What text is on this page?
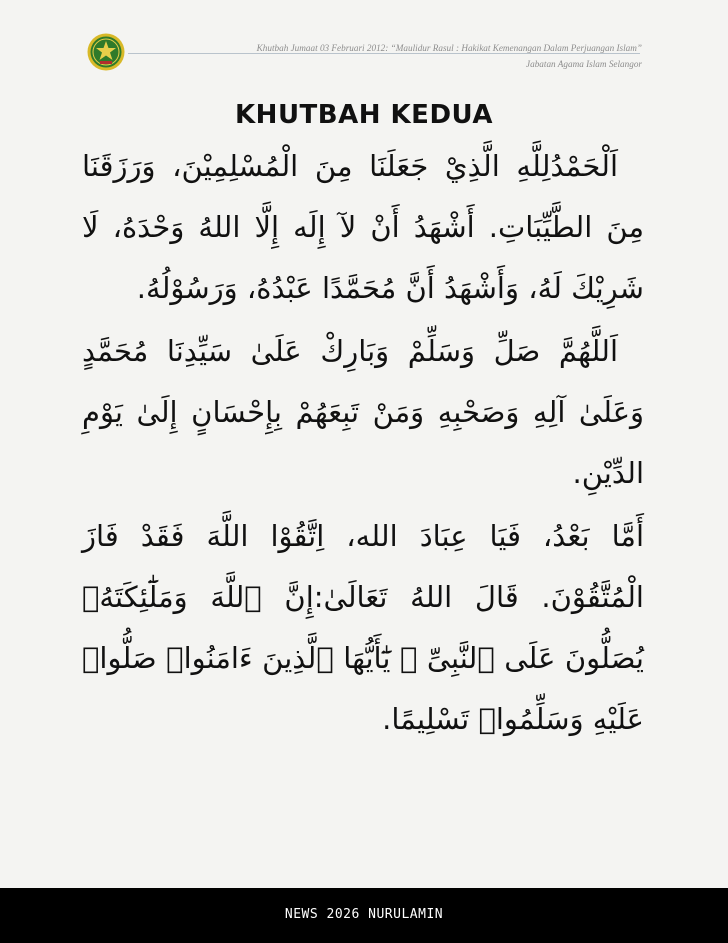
Khutbah Jumaat 03 Februari 2012: “Maulidur Rasul : Hakikat Kemenangan Dalam Perjuangan Islam”
Jabatan Agama Islam Selangor
KHUTBAH KEDUA

اَلْحَمْدُلِلَّهِ الَّذِيْ جَعَلَنَا مِنَ الْمُسْلِمِيْنَ، وَرَزَقَنَا مِنَ الطَّيِّبَاتِ. أَشْهَدُ أَنْ لآ إِلَه إِلَّا اللهُ وَحْدَهُ، لَا شَرِيْكَ لَهُ، وَأَشْهَدُ أَنَّ مُحَمَّدًا عَبْدُهُ، وَرَسُوْلُهُ.

اَللَّهُمَّ صَلِّ وَسَلِّمْ وَبَارِكْ عَلَىٰ سَيِّدِنَا مُحَمَّدٍ وَعَلَىٰ آلِهِ وَصَحْبِهِ وَمَنْ تَبِعَهُمْ بِإِحْسَانٍ إِلَىٰ يَوْمِ الدِّيْنِ.

أَمَّا بَعْدُ، فَيَا عِبَادَ الله، اِتَّقُوْا اللَّهَ فَقَدْ فَازَ الْمُتَّقُوْنَ. قَالَ اللهُ تَعَالَىٰ:إِنَّ ٱللَّهَ وَمَلَٰٓئِكَتَهُۥ يُصَلُّونَ عَلَى ٱلنَّبِىِّ ۚ يَٰٓأَيُّهَا ٱلَّذِينَ ءَامَنُوا۟ صَلُّوا۟ عَلَيْهِ وَسَلِّمُوا۟ تَسْلِيمًا.

NEWS 2026 NURULAMIN
